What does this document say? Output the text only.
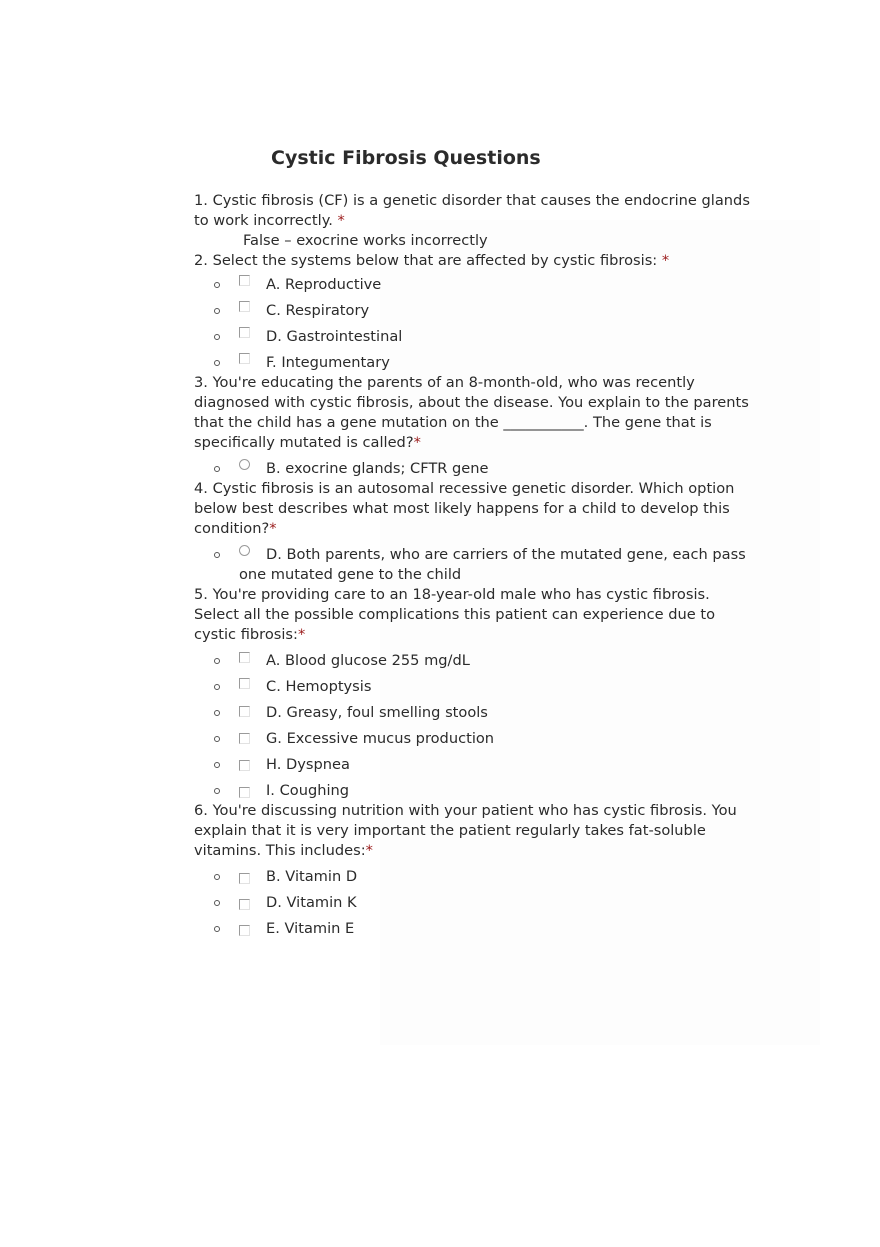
Cystic Fibrosis Questions

1. Cystic fibrosis (CF) is a genetic disorder that causes the endocrine glands to work incorrectly. *

False – exocrine works incorrectly

2. Select the systems below that are affected by cystic fibrosis: *

A. Reproductive
C. Respiratory
D. Gastrointestinal
F. Integumentary

3. You're educating the parents of an 8-month-old, who was recently diagnosed with cystic fibrosis, about the disease. You explain to the parents that the child has a gene mutation on the ___________. The gene that is specifically mutated is called?*

B. exocrine glands; CFTR gene

4. Cystic fibrosis is an autosomal recessive genetic disorder. Which option below best describes what most likely happens for a child to develop this condition?*

D. Both parents, who are carriers of the mutated gene, each pass one mutated gene to the child

5. You're providing care to an 18-year-old male who has cystic fibrosis. Select all the possible complications this patient can experience due to cystic fibrosis:*

A. Blood glucose 255 mg/dL
C. Hemoptysis
D. Greasy, foul smelling stools
G. Excessive mucus production
H. Dyspnea
I. Coughing

6. You're discussing nutrition with your patient who has cystic fibrosis. You explain that it is very important the patient regularly takes fat-soluble vitamins. This includes:*

B. Vitamin D
D. Vitamin K
E. Vitamin E
